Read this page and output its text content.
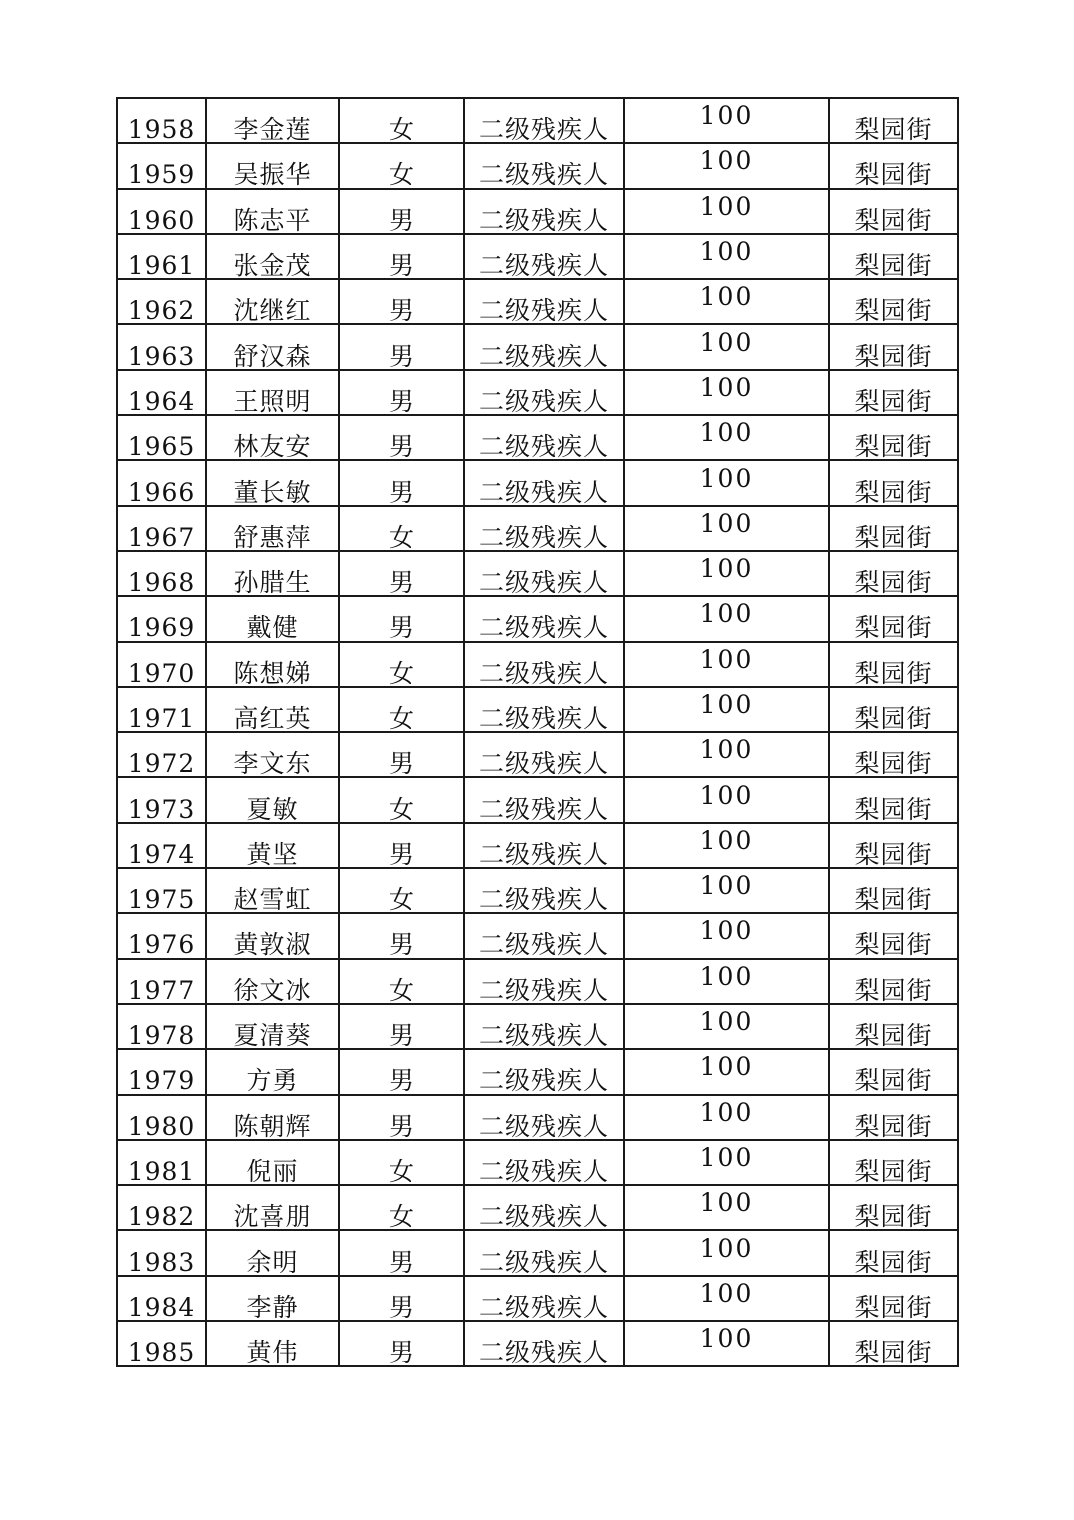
1958	李金莲	女	二级残疾人	100	梨园街
1959	吴振华	女	二级残疾人	100	梨园街
1960	陈志平	男	二级残疾人	100	梨园街
1961	张金茂	男	二级残疾人	100	梨园街
1962	沈继红	男	二级残疾人	100	梨园街
1963	舒汉森	男	二级残疾人	100	梨园街
1964	王照明	男	二级残疾人	100	梨园街
1965	林友安	男	二级残疾人	100	梨园街
1966	董长敏	男	二级残疾人	100	梨园街
1967	舒惠萍	女	二级残疾人	100	梨园街
1968	孙腊生	男	二级残疾人	100	梨园街
1969	戴健	男	二级残疾人	100	梨园街
1970	陈想娣	女	二级残疾人	100	梨园街
1971	高红英	女	二级残疾人	100	梨园街
1972	李文东	男	二级残疾人	100	梨园街
1973	夏敏	女	二级残疾人	100	梨园街
1974	黄坚	男	二级残疾人	100	梨园街
1975	赵雪虹	女	二级残疾人	100	梨园街
1976	黄敦淑	男	二级残疾人	100	梨园街
1977	徐文冰	女	二级残疾人	100	梨园街
1978	夏清葵	男	二级残疾人	100	梨园街
1979	方勇	男	二级残疾人	100	梨园街
1980	陈朝辉	男	二级残疾人	100	梨园街
1981	倪丽	女	二级残疾人	100	梨园街
1982	沈喜朋	女	二级残疾人	100	梨园街
1983	余明	男	二级残疾人	100	梨园街
1984	李静	男	二级残疾人	100	梨园街
1985	黄伟	男	二级残疾人	100	梨园街
